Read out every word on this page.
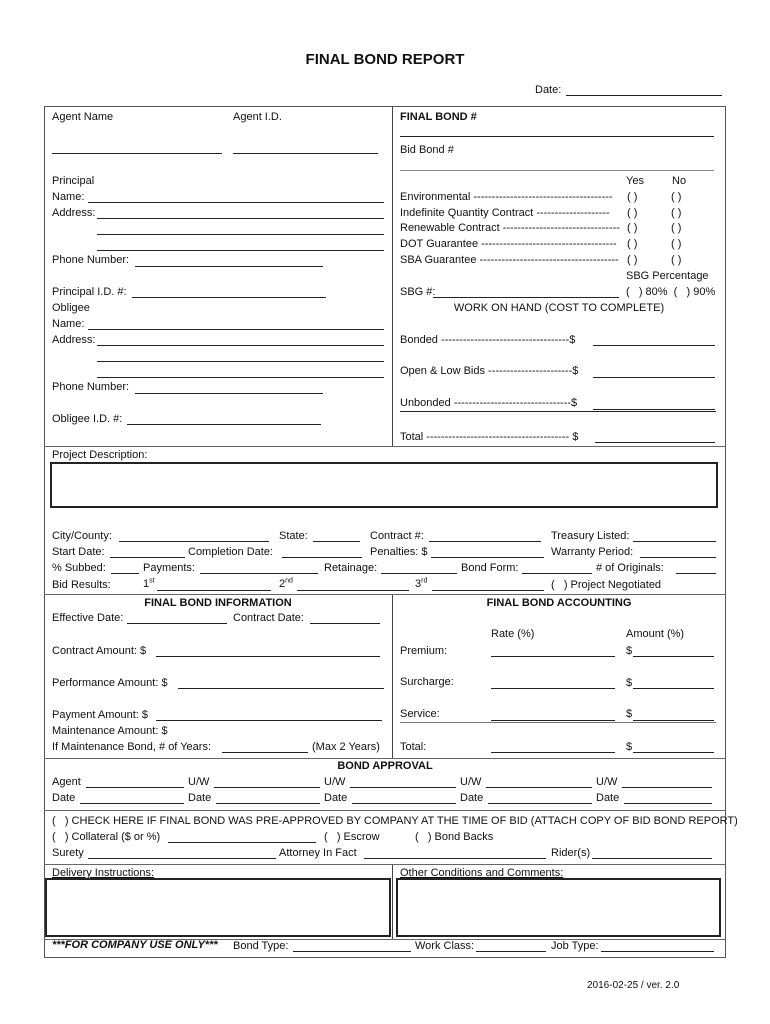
FINAL BOND REPORT
Date:
Agent Name	Agent I.D.	FINAL BOND #
Bid Bond #
Principal
Name:
Address:
Phone Number:
Principal I.D. #:
Yes	No
Environmental -------------------------------------- ( )	( )
Indefinite Quantity Contract -------------------- ( )	( )
Renewable Contract -------------------------------- ( )	( )
DOT Guarantee ------------------------------------- ( )	( )
SBA Guarantee -------------------------------------- ( )	( )
SBG Percentage
SBG #:	(   ) 80%  (   ) 90%
Obligee
Name:
Address:
Phone Number:
Obligee I.D. #:
WORK ON HAND (COST TO COMPLETE)
Bonded -----------------------------------$
Open & Low Bids -----------------------$
Unbonded --------------------------------$
Total --------------------------------------- $
Project Description:
City/County:	State:	Contract #:	Treasury Listed:
Start Date:	Completion Date:	Penalties: $	Warranty Period:
% Subbed:	Payments:	Retainage:	Bond Form:	# of Originals:
Bid Results:	1st	2nd	3rd	(   ) Project Negotiated
FINAL BOND INFORMATION
Effective Date:	Contract Date:
Contract Amount: $
Performance Amount: $
Payment Amount: $
Maintenance Amount: $
If Maintenance Bond, # of Years:	(Max 2 Years)
FINAL BOND ACCOUNTING
Rate (%)	Amount (%)
Premium:	$
Surcharge:	$
Service:	$
Total:	$
BOND APPROVAL
Agent	U/W	U/W	U/W	U/W
Date	Date	Date	Date	Date
(   ) CHECK HERE IF FINAL BOND WAS PRE-APPROVED BY COMPANY AT THE TIME OF BID (ATTACH COPY OF BID BOND REPORT)
(   ) Collateral ($ or %)	(   ) Escrow	(   ) Bond Backs
Surety	Attorney In Fact	Rider(s)
Delivery Instructions:	Other Conditions and Comments:
***FOR COMPANY USE ONLY*** Bond Type:	Work Class:	Job Type:
2016-02-25 / ver. 2.0
